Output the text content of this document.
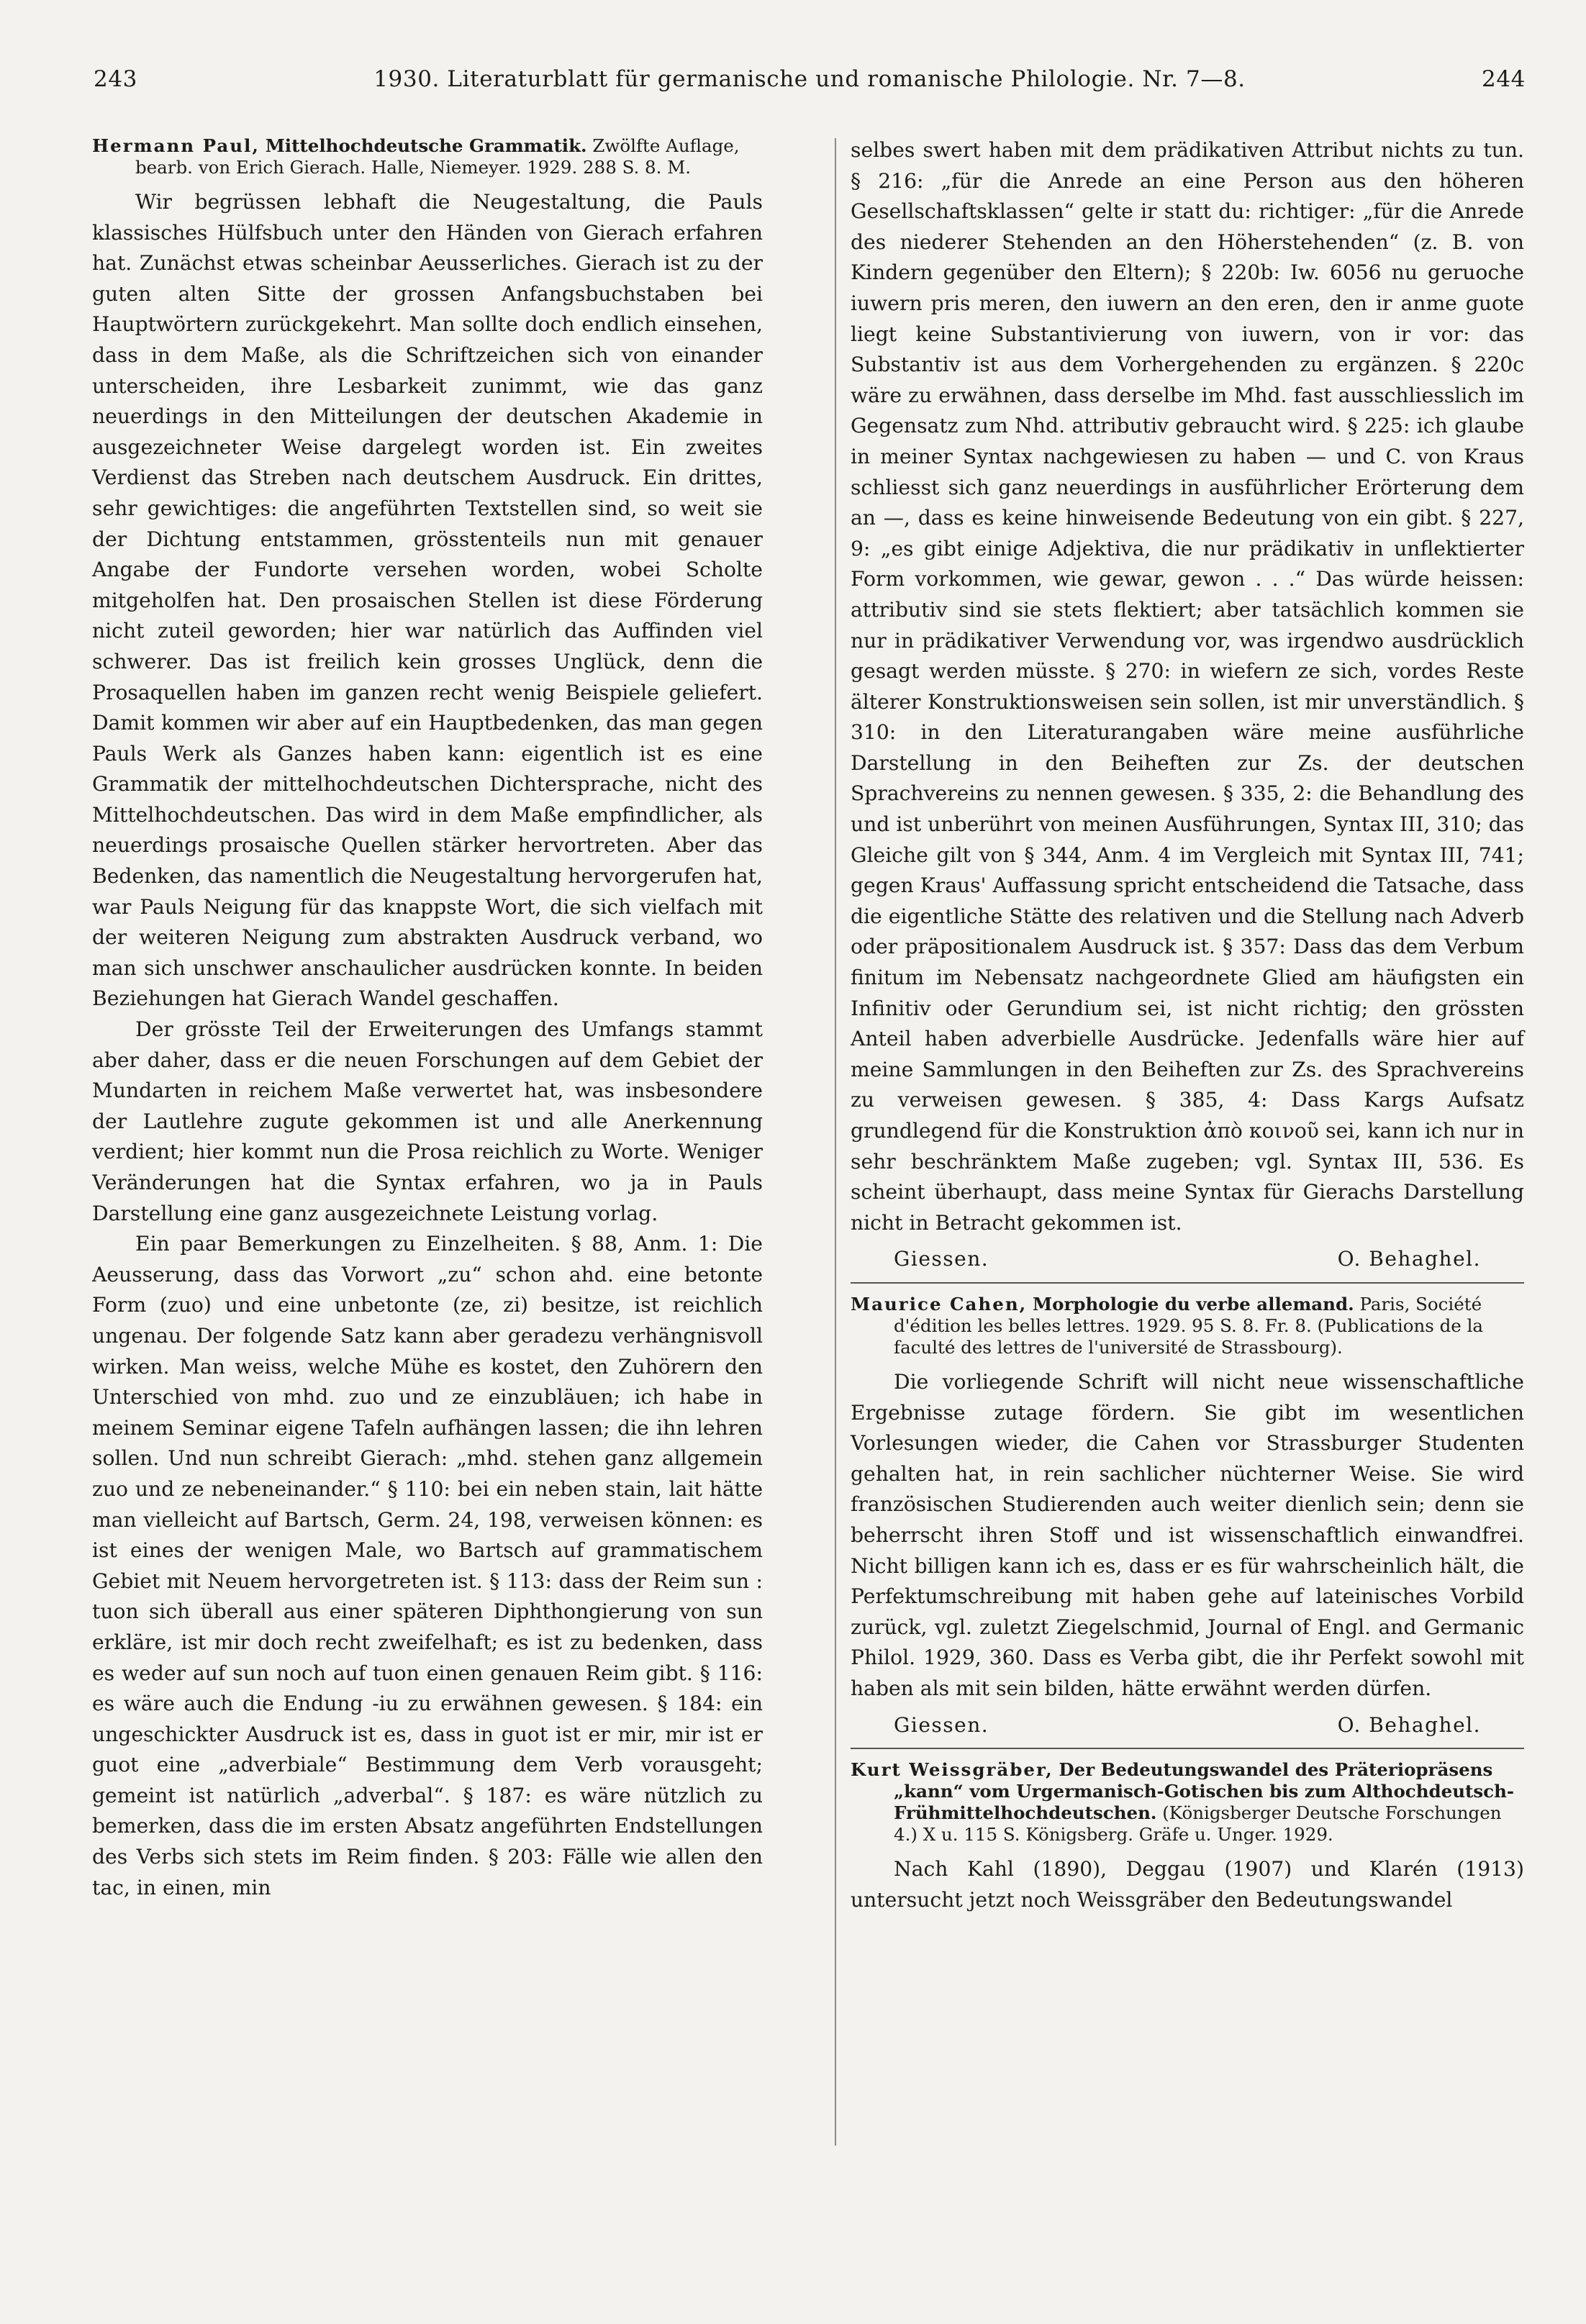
243	1930. Literaturblatt für germanische und romanische Philologie. Nr. 7—8.	244

Hermann Paul, Mittelhochdeutsche Grammatik. Zwölfte Auflage, bearb. von Erich Gierach. Halle, Niemeyer. 1929. 288 S. 8. M.

Wir begrüssen lebhaft die Neugestaltung, die Pauls klassisches Hülfsbuch unter den Händen von Gierach erfahren hat. Zunächst etwas scheinbar Aeusserliches. Gierach ist zu der guten alten Sitte der grossen Anfangsbuchstaben bei Hauptwörtern zurückgekehrt. Man sollte doch endlich einsehen, dass in dem Maße, als die Schriftzeichen sich von einander unterscheiden, ihre Lesbarkeit zunimmt, wie das ganz neuerdings in den Mitteilungen der deutschen Akademie in ausgezeichneter Weise dargelegt worden ist. Ein zweites Verdienst das Streben nach deutschem Ausdruck. Ein drittes, sehr gewichtiges: die angeführten Textstellen sind, so weit sie der Dichtung entstammen, grösstenteils nun mit genauer Angabe der Fundorte versehen worden, wobei Scholte mitgeholfen hat. Den prosaischen Stellen ist diese Förderung nicht zuteil geworden; hier war natürlich das Auffinden viel schwerer. Das ist freilich kein grosses Unglück, denn die Prosaquellen haben im ganzen recht wenig Beispiele geliefert. Damit kommen wir aber auf ein Hauptbedenken, das man gegen Pauls Werk als Ganzes haben kann: eigentlich ist es eine Grammatik der mittelhochdeutschen Dichtersprache, nicht des Mittelhochdeutschen. Das wird in dem Maße empfindlicher, als neuerdings prosaische Quellen stärker hervortreten. Aber das Bedenken, das namentlich die Neugestaltung hervorgerufen hat, war Pauls Neigung für das knappste Wort, die sich vielfach mit der weiteren Neigung zum abstrakten Ausdruck verband, wo man sich unschwer anschaulicher ausdrücken konnte. In beiden Beziehungen hat Gierach Wandel geschaffen.

Der grösste Teil der Erweiterungen des Umfangs stammt aber daher, dass er die neuen Forschungen auf dem Gebiet der Mundarten in reichem Maße verwertet hat, was insbesondere der Lautlehre zugute gekommen ist und alle Anerkennung verdient; hier kommt nun die Prosa reichlich zu Worte. Weniger Veränderungen hat die Syntax erfahren, wo ja in Pauls Darstellung eine ganz ausgezeichnete Leistung vorlag.

Ein paar Bemerkungen zu Einzelheiten. § 88, Anm. 1: Die Aeusserung, dass das Vorwort „zu“ schon ahd. eine betonte Form (zuo) und eine unbetonte (ze, zi) besitze, ist reichlich ungenau. Der folgende Satz kann aber geradezu verhängnisvoll wirken. Man weiss, welche Mühe es kostet, den Zuhörern den Unterschied von mhd. zuo und ze einzubläuen; ich habe in meinem Seminar eigene Tafeln aufhängen lassen; die ihn lehren sollen. Und nun schreibt Gierach: „mhd. stehen ganz allgemein zuo und ze nebeneinander.“ § 110: bei ein neben stain, lait hätte man vielleicht auf Bartsch, Germ. 24, 198, verweisen können: es ist eines der wenigen Male, wo Bartsch auf grammatischem Gebiet mit Neuem hervorgetreten ist. § 113: dass der Reim sun : tuon sich überall aus einer späteren Diphthongierung von sun erkläre, ist mir doch recht zweifelhaft; es ist zu bedenken, dass es weder auf sun noch auf tuon einen genauen Reim gibt. § 116: es wäre auch die Endung -iu zu erwähnen gewesen. § 184: ein ungeschickter Ausdruck ist es, dass in guot ist er mir, mir ist er guot eine „adverbiale“ Bestimmung dem Verb vorausgeht; gemeint ist natürlich „adverbal“. § 187: es wäre nützlich zu bemerken, dass die im ersten Absatz angeführten Endstellungen des Verbs sich stets im Reim finden. § 203: Fälle wie allen den tac, in einen, min

selbes swert haben mit dem prädikativen Attribut nichts zu tun. § 216: „für die Anrede an eine Person aus den höheren Gesellschaftsklassen“ gelte ir statt du: richtiger: „für die Anrede des niederer Stehenden an den Höherstehenden“ (z. B. von Kindern gegenüber den Eltern); § 220b: Iw. 6056 nu geruoche iuwern pris meren, den iuwern an den eren, den ir anme guote liegt keine Substantivierung von iuwern, von ir vor: das Substantiv ist aus dem Vorhergehenden zu ergänzen. § 220c wäre zu erwähnen, dass derselbe im Mhd. fast ausschliesslich im Gegensatz zum Nhd. attributiv gebraucht wird. § 225: ich glaube in meiner Syntax nachgewiesen zu haben — und C. von Kraus schliesst sich ganz neuerdings in ausführlicher Erörterung dem an —, dass es keine hinweisende Bedeutung von ein gibt. § 227, 9: „es gibt einige Adjektiva, die nur prädikativ in unflektierter Form vorkommen, wie gewar, gewon . . .“ Das würde heissen: attributiv sind sie stets flektiert; aber tatsächlich kommen sie nur in prädikativer Verwendung vor, was irgendwo ausdrücklich gesagt werden müsste. § 270: in wiefern ze sich, vordes Reste älterer Konstruktionsweisen sein sollen, ist mir unverständlich. § 310: in den Literaturangaben wäre meine ausführliche Darstellung in den Beiheften zur Zs. der deutschen Sprachvereins zu nennen gewesen. § 335, 2: die Behandlung des und ist unberührt von meinen Ausführungen, Syntax III, 310; das Gleiche gilt von § 344, Anm. 4 im Vergleich mit Syntax III, 741; gegen Kraus' Auffassung spricht entscheidend die Tatsache, dass die eigentliche Stätte des relativen und die Stellung nach Adverb oder präpositionalem Ausdruck ist. § 357: Dass das dem Verbum finitum im Nebensatz nachgeordnete Glied am häufigsten ein Infinitiv oder Gerundium sei, ist nicht richtig; den grössten Anteil haben adverbielle Ausdrücke. Jedenfalls wäre hier auf meine Sammlungen in den Beiheften zur Zs. des Sprachvereins zu verweisen gewesen. § 385, 4: Dass Kargs Aufsatz grundlegend für die Konstruktion ἀπὸ κοινοῦ sei, kann ich nur in sehr beschränktem Maße zugeben; vgl. Syntax III, 536. Es scheint überhaupt, dass meine Syntax für Gierachs Darstellung nicht in Betracht gekommen ist.

Giessen.	O. Behaghel.

Maurice Cahen, Morphologie du verbe allemand. Paris, Société d'édition les belles lettres. 1929. 95 S. 8. Fr. 8. (Publications de la faculté des lettres de l'université de Strassbourg).

Die vorliegende Schrift will nicht neue wissenschaftliche Ergebnisse zutage fördern. Sie gibt im wesentlichen Vorlesungen wieder, die Cahen vor Strassburger Studenten gehalten hat, in rein sachlicher nüchterner Weise. Sie wird französischen Studierenden auch weiter dienlich sein; denn sie beherrscht ihren Stoff und ist wissenschaftlich einwandfrei. Nicht billigen kann ich es, dass er es für wahrscheinlich hält, die Perfektumschreibung mit haben gehe auf lateinisches Vorbild zurück, vgl. zuletzt Ziegelschmid, Journal of Engl. and Germanic Philol. 1929, 360. Dass es Verba gibt, die ihr Perfekt sowohl mit haben als mit sein bilden, hätte erwähnt werden dürfen.

Giessen.	O. Behaghel.

Kurt Weissgräber, Der Bedeutungswandel des Präteriopräsens „kann“ vom Urgermanisch-Gotischen bis zum Althochdeutsch-Frühmittelhochdeutschen. (Königsberger Deutsche Forschungen 4.) X u. 115 S. Königsberg. Gräfe u. Unger. 1929.

Nach Kahl (1890), Deggau (1907) und Klarén (1913) untersucht jetzt noch Weissgräber den Bedeutungswandel
